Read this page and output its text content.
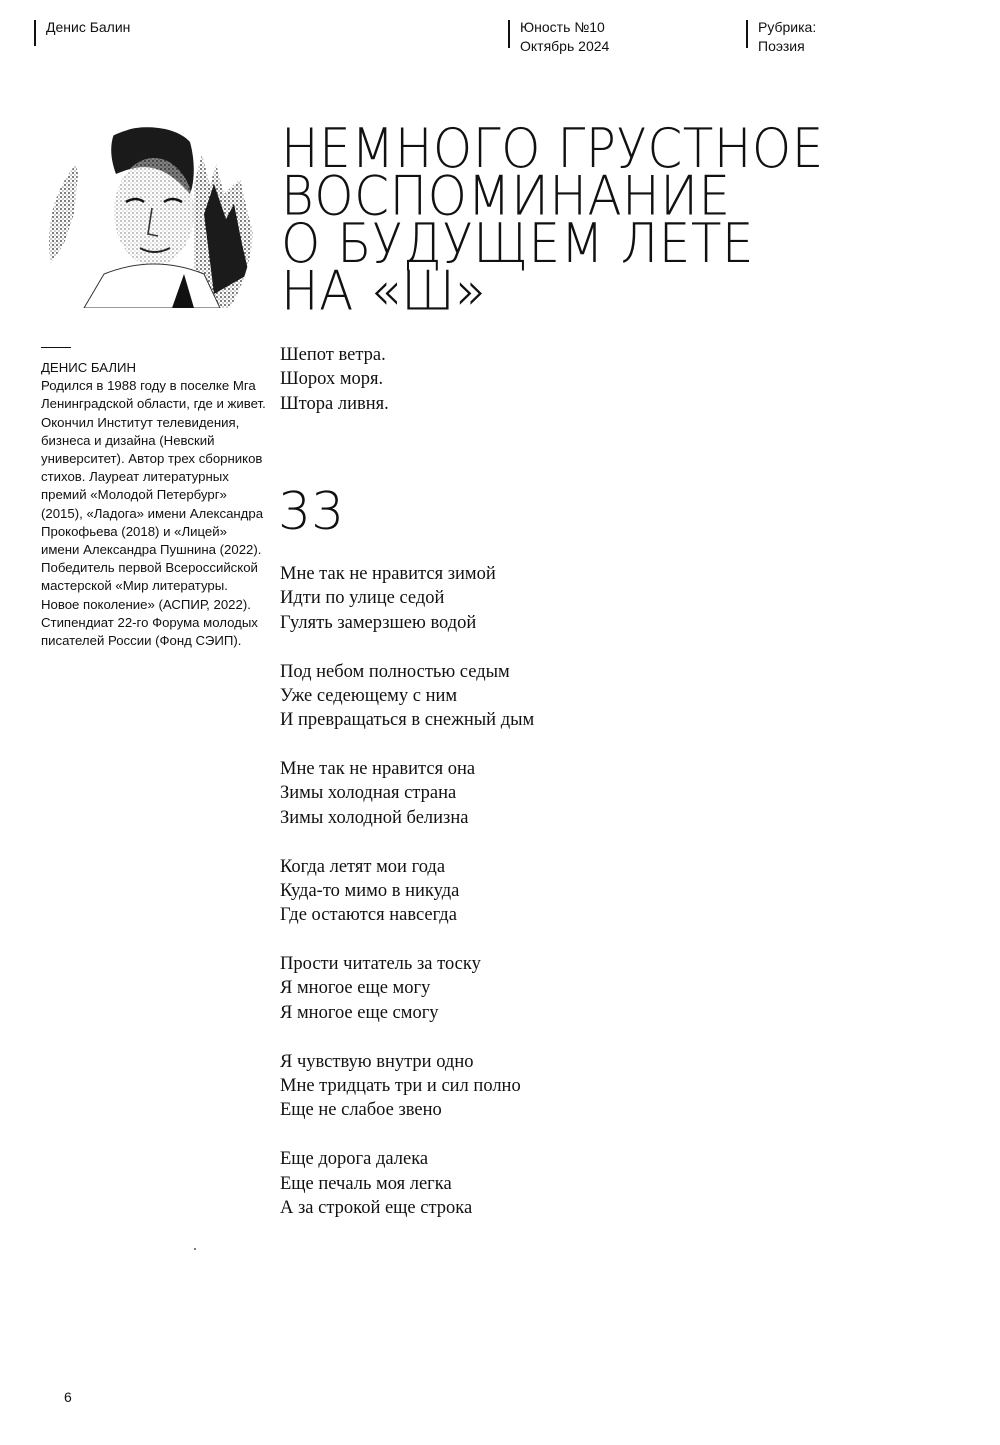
Денис Балин	Юность №10
Октябрь 2024
Рубрика:
Поэзия
НЕМНОГО ГРУСТНОЕ
ВОСПОМИНАНИЕ
О БУДУЩЕМ ЛЕТЕ
НА «Ш»
ДЕНИС БАЛИН
Родился в 1988 году в поселке Мга Ленинградской области, где и живет. Окончил Институт телевидения, бизнеса и дизайна (Невский университет). Автор трех сборников стихов. Лауреат литературных премий «Молодой Петербург» (2015), «Ладога» имени Александра Прокофьева (2018) и «Лицей» имени Александра Пушнина (2022). Победитель первой Всероссийской мастерской «Мир литературы. Новое поколение» (АСПИР, 2022). Стипендиат 22-го Форума молодых писателей России (Фонд СЭИП).
Шепот ветра.
Шорох моря.
Штора ливня.
33
Мне так не нравится зимой
Идти по улице седой
Гулять замерзшею водой
Под небом полностью седым
Уже седеющему с ним
И превращаться в снежный дым
Мне так не нравится она
Зимы холодная страна
Зимы холодной белизна
Когда летят мои года
Куда-то мимо в никуда
Где остаются навсегда
Прости читатель за тоску
Я многое еще могу
Я многое еще смогу
Я чувствую внутри одно
Мне тридцать три и сил полно
Еще не слабое звено
Еще дорога далека
Еще печаль моя легка
А за строкой еще строка
6
